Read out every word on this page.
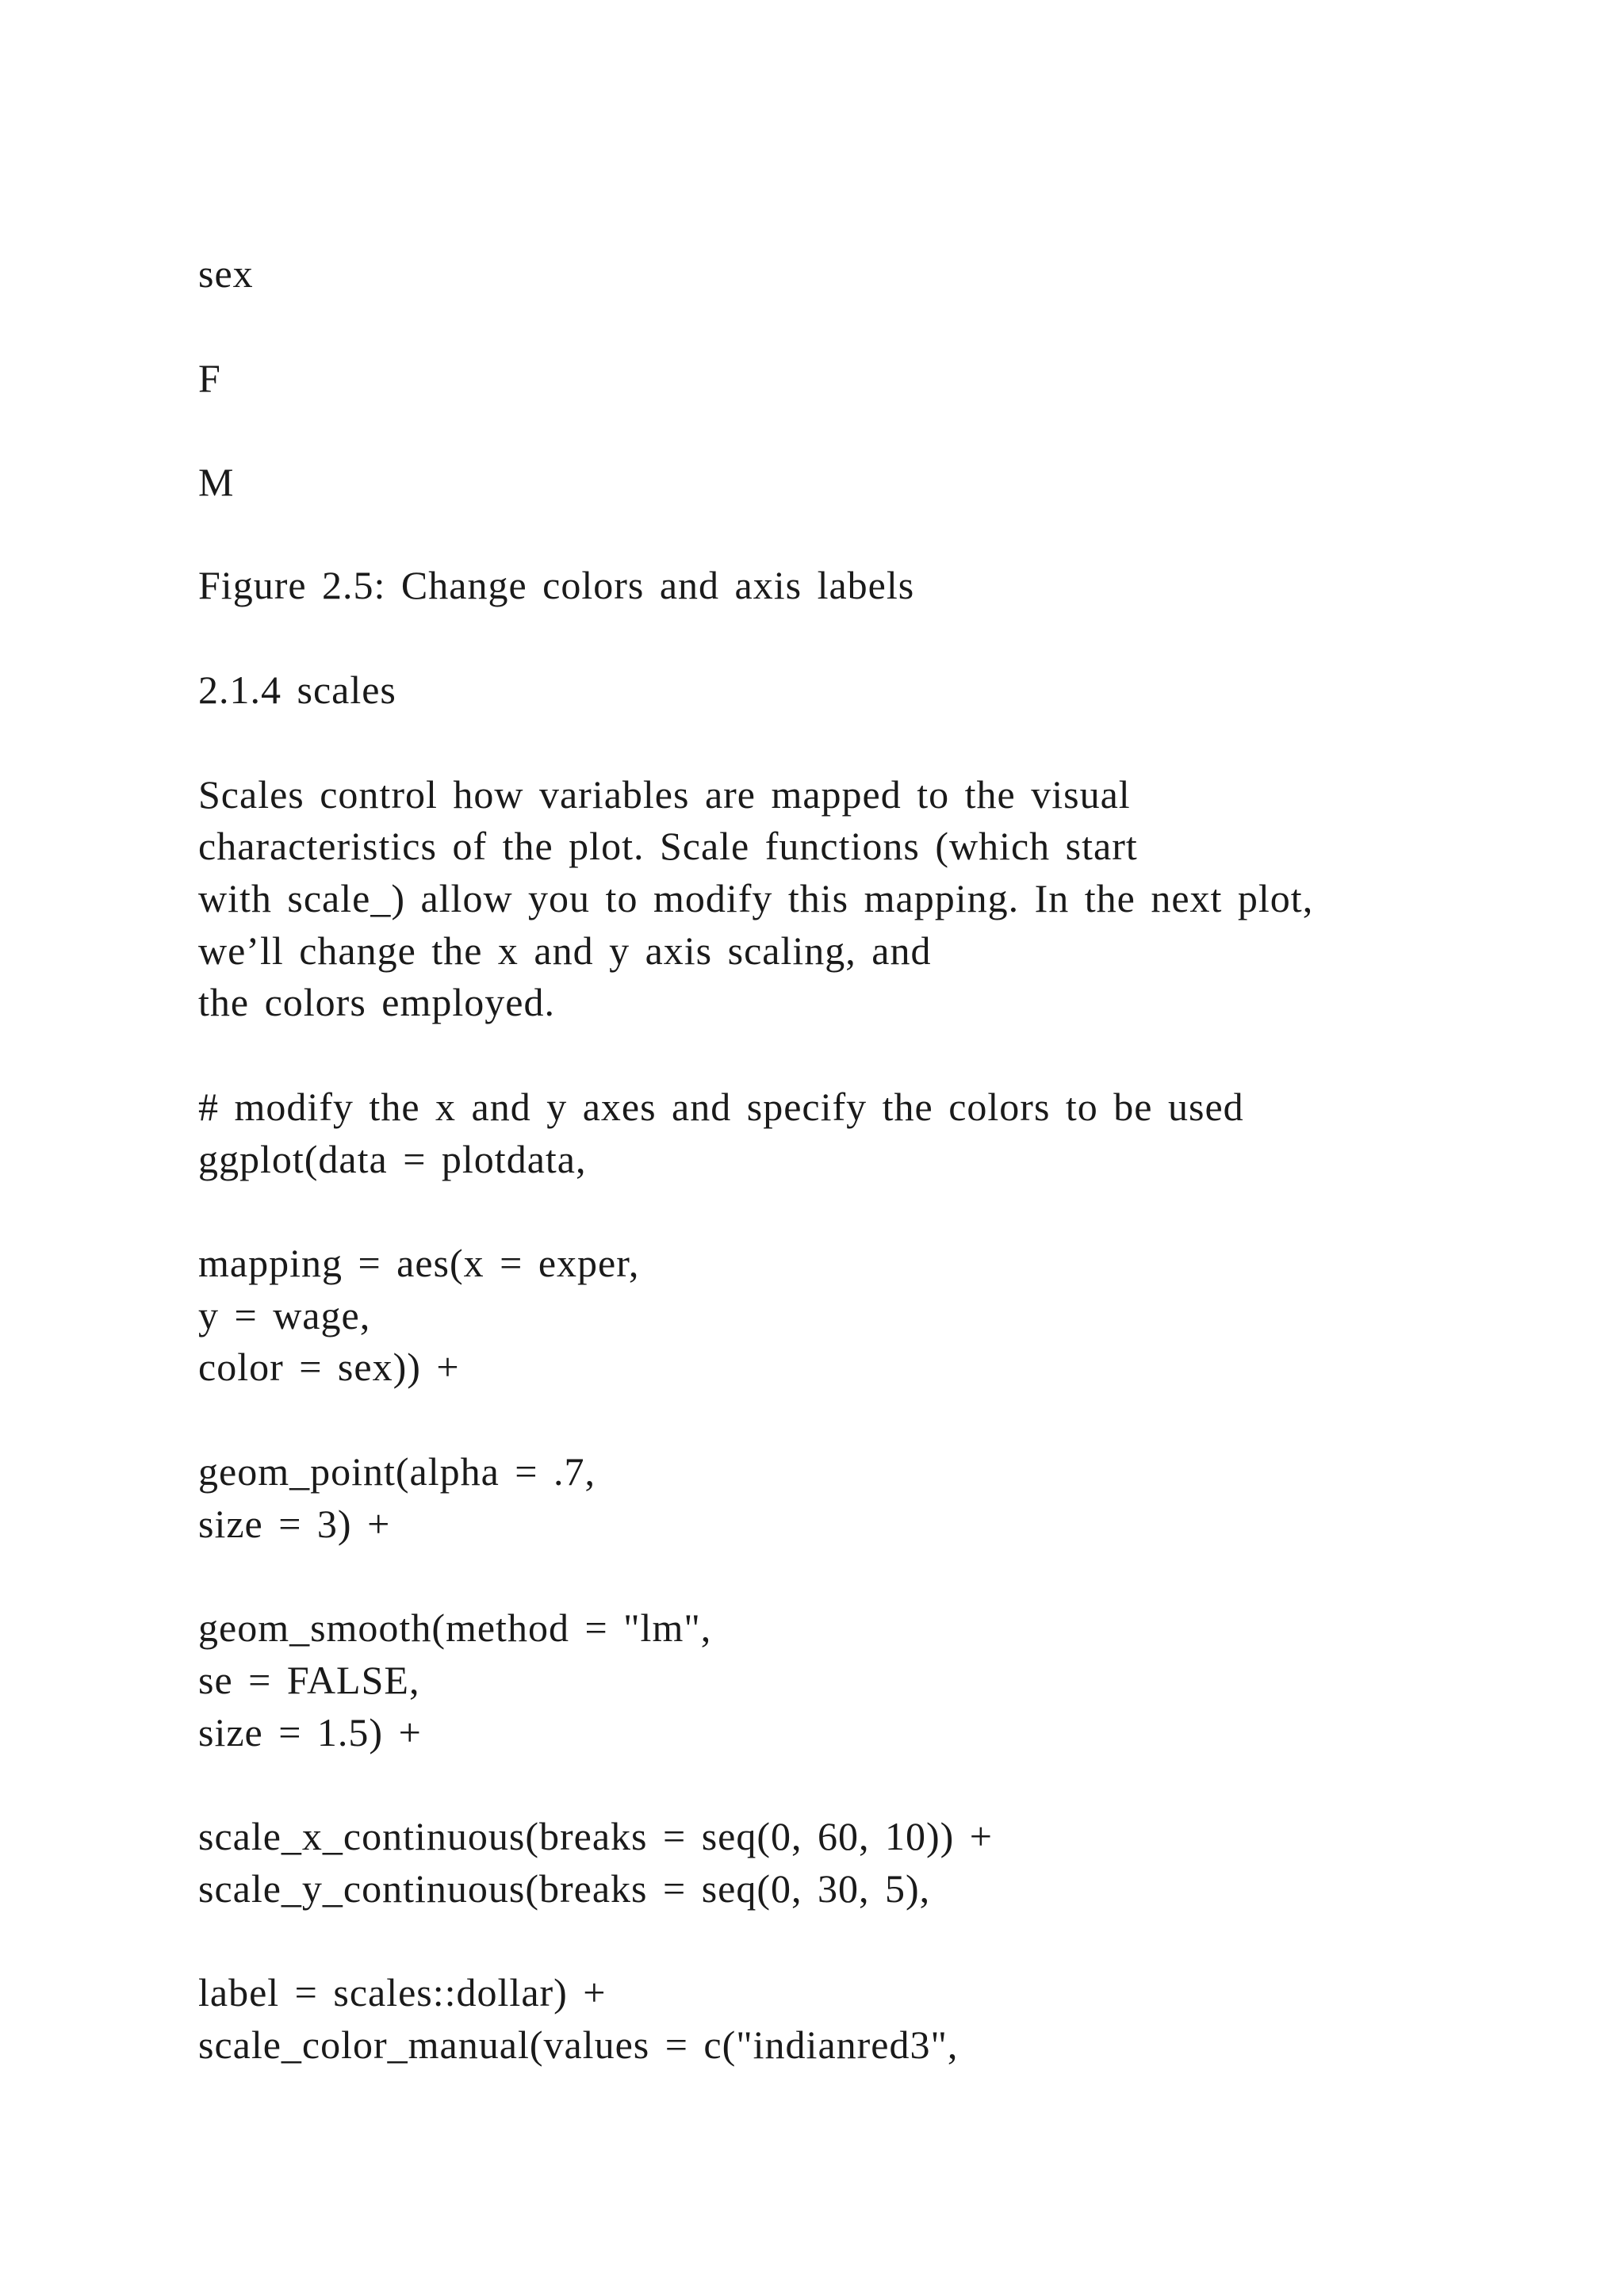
sex
F
M
Figure 2.5: Change colors and axis labels
2.1.4 scales
Scales control how variables are mapped to the visual
characteristics of the plot. Scale functions (which start
with scale_) allow you to modify this mapping. In the next plot,
we’ll change the x and y axis scaling, and
the colors employed.
# modify the x and y axes and specify the colors to be used
ggplot(data = plotdata,
mapping = aes(x = exper,
y = wage,
color = sex)) +
geom_point(alpha = .7,
size = 3) +
geom_smooth(method = "lm",
se = FALSE,
size = 1.5) +
scale_x_continuous(breaks = seq(0, 60, 10)) +
scale_y_continuous(breaks = seq(0, 30, 5),
label = scales::dollar) +
scale_color_manual(values = c("indianred3",
